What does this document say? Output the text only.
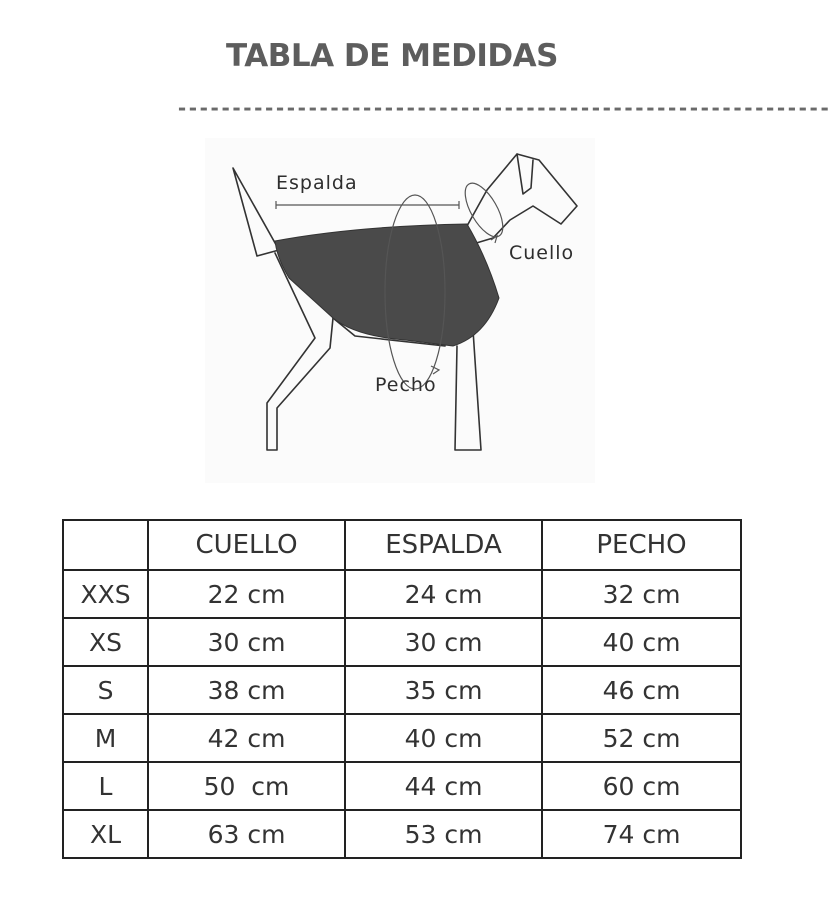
TABLA DE MEDIDAS
------------------------------------------------------------
Espalda
Cuello
Pecho
	CUELLO	ESPALDA	PECHO
XXS	22 cm	24 cm	32 cm
XS	30 cm	30 cm	40 cm
S	38 cm	35 cm	46 cm
M	42 cm	40 cm	52 cm
L	50  cm	44 cm	60 cm
XL	63 cm	53 cm	74 cm
